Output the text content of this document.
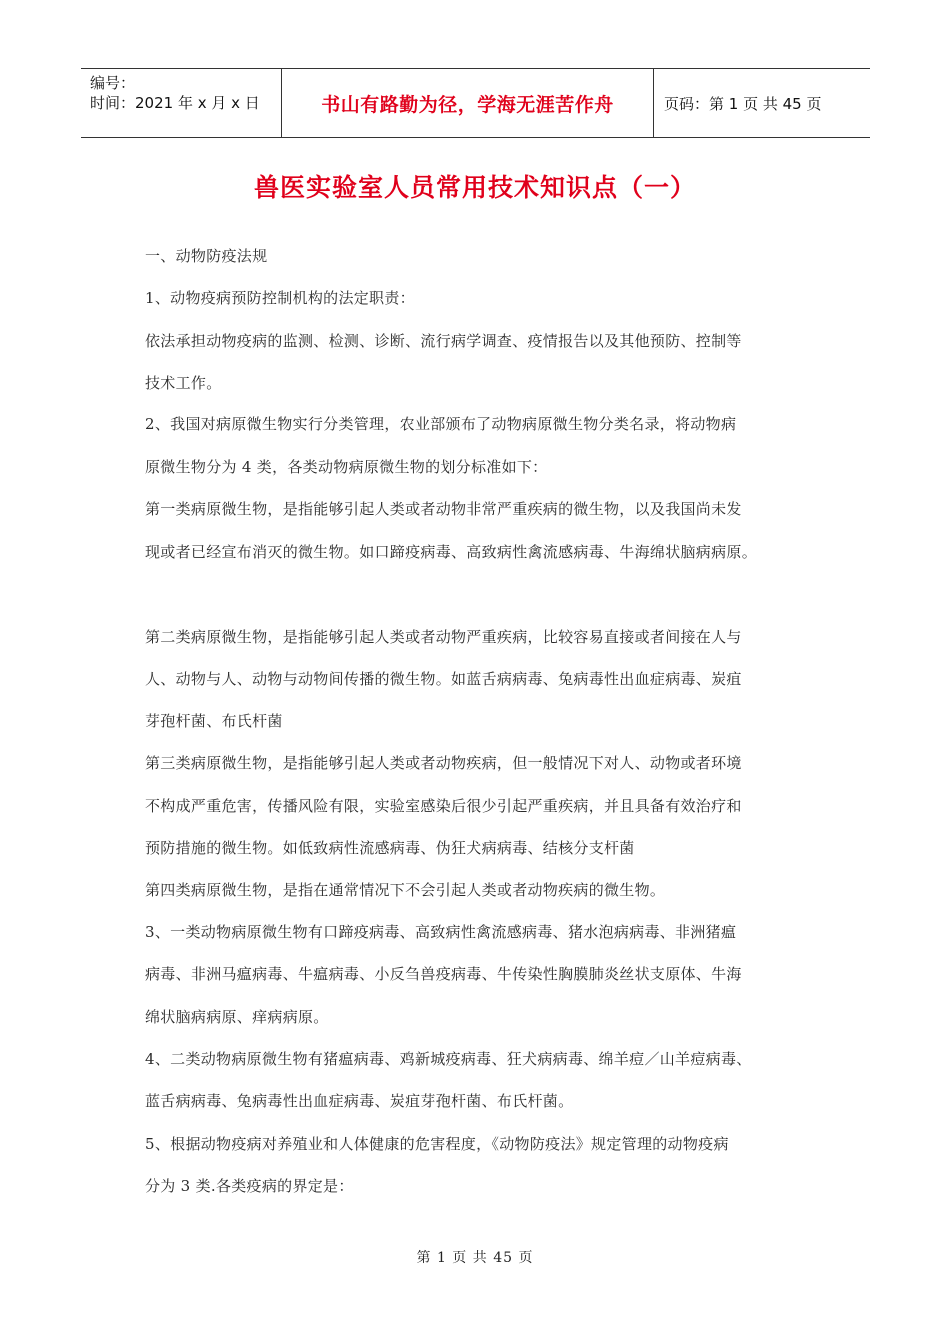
编号：
时间：2021 年 x 月 x 日	书山有路勤为径，学海无涯苦作舟	页码：第 1 页 共 45 页
兽医实验室人员常用技术知识点（一）
一、动物防疫法规
1、动物疫病预防控制机构的法定职责：
依法承担动物疫病的监测、检测、诊断、流行病学调查、疫情报告以及其他预防、控制等
技术工作。
2、我国对病原微生物实行分类管理，农业部颁布了动物病原微生物分类名录，将动物病
原微生物分为 4 类，各类动物病原微生物的划分标准如下：
第一类病原微生物，是指能够引起人类或者动物非常严重疾病的微生物，以及我国尚未发
现或者已经宣布消灭的微生物。如口蹄疫病毒、高致病性禽流感病毒、牛海绵状脑病病原。
第二类病原微生物，是指能够引起人类或者动物严重疾病，比较容易直接或者间接在人与
人、动物与人、动物与动物间传播的微生物。如蓝舌病病毒、兔病毒性出血症病毒、炭疽
芽孢杆菌、布氏杆菌
第三类病原微生物，是指能够引起人类或者动物疾病，但一般情况下对人、动物或者环境
不构成严重危害，传播风险有限，实验室感染后很少引起严重疾病，并且具备有效治疗和
预防措施的微生物。如低致病性流感病毒、伪狂犬病病毒、结核分支杆菌
第四类病原微生物，是指在通常情况下不会引起人类或者动物疾病的微生物。
3、一类动物病原微生物有口蹄疫病毒、高致病性禽流感病毒、猪水泡病病毒、非洲猪瘟
病毒、非洲马瘟病毒、牛瘟病毒、小反刍兽疫病毒、牛传染性胸膜肺炎丝状支原体、牛海
绵状脑病病原、痒病病原。
4、二类动物病原微生物有猪瘟病毒、鸡新城疫病毒、狂犬病病毒、绵羊痘／山羊痘病毒、
蓝舌病病毒、兔病毒性出血症病毒、炭疽芽孢杆菌、布氏杆菌。
5、根据动物疫病对养殖业和人体健康的危害程度，《动物防疫法》规定管理的动物疫病
分为 3 类.各类疫病的界定是：
第 1 页 共 45 页
